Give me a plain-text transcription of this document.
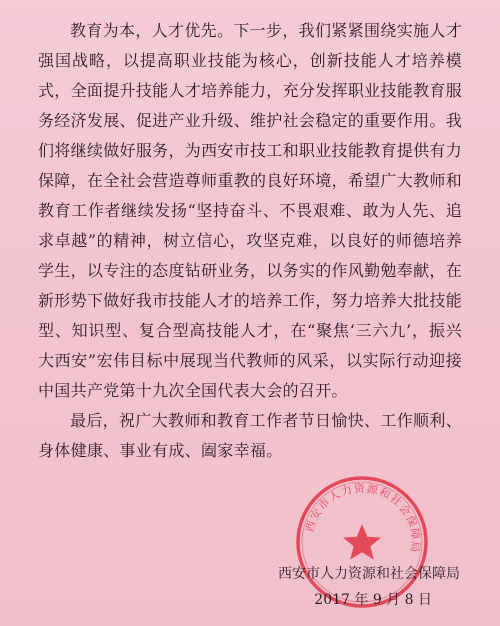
教育为本，人才优先。下一步，我们紧紧围绕实施人才强国战略，以提高职业技能为核心，创新技能人才培养模式，全面提升技能人才培养能力，充分发挥职业技能教育服务经济发展、促进产业升级、维护社会稳定的重要作用。我们将继续做好服务，为西安市技工和职业技能教育提供有力保障，在全社会营造尊师重教的良好环境，希望广大教师和教育工作者继续发扬“坚持奋斗、不畏艰难、敢为人先、追求卓越”的精神，树立信心，攻坚克难，以良好的师德培养学生，以专注的态度钻研业务，以务实的作风勤勉奉献，在新形势下做好我市技能人才的培养工作，努力培养大批技能型、知识型、复合型高技能人才，在“聚焦‘三六九’，振兴大西安”宏伟目标中展现当代教师的风采，以实际行动迎接中国共产党第十九次全国代表大会的召开。

最后，祝广大教师和教育工作者节日愉快、工作顺利、身体健康、事业有成、阖家幸福。

西安市人力资源和社会保障局
西安市人力资源和社会保障局
2017 年 9 月 8 日
